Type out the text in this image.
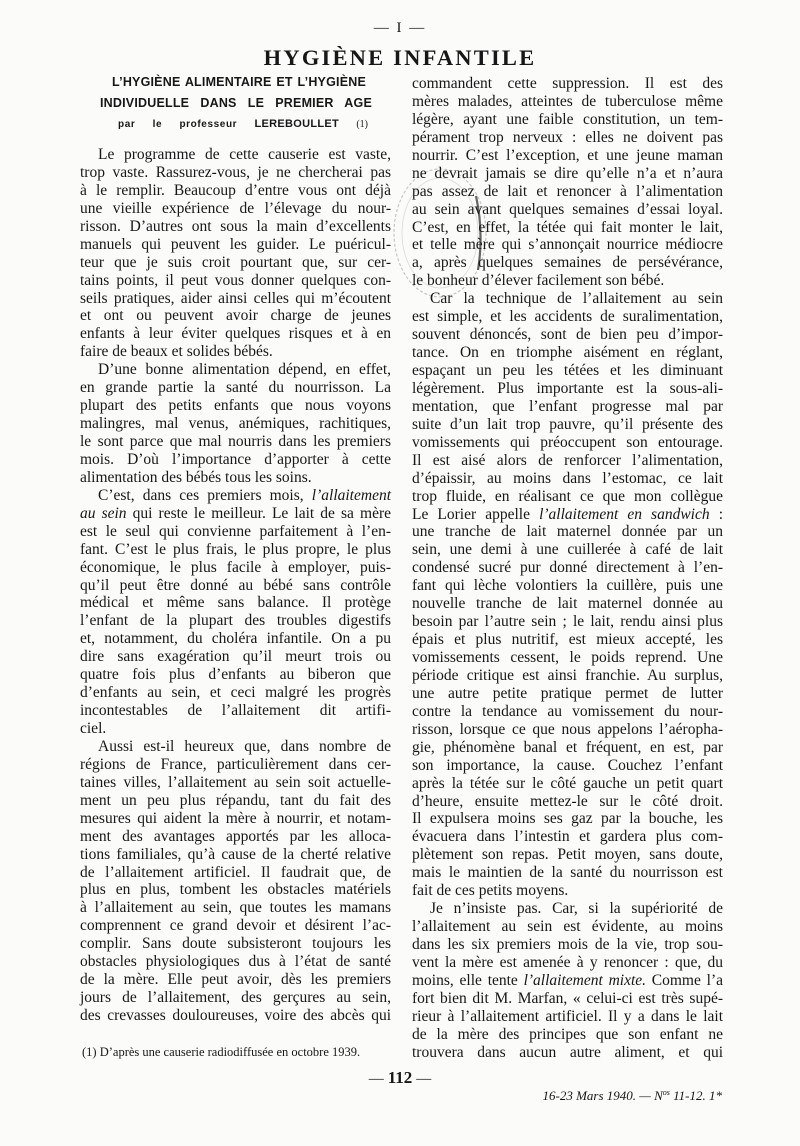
— I —
HYGIÈNE INFANTILE
L’HYGIÈNE ALIMENTAIRE ET L’HYGIÈNE
INDIVIDUELLE DANS LE PREMIER AGE
par le professeur LEREBOULLET (1)
Le programme de cette causerie est vaste,
trop vaste. Rassurez-vous, je ne chercherai pas
à le remplir. Beaucoup d’entre vous ont déjà
une vieille expérience de l’élevage du nour-
risson. D’autres ont sous la main d’excellents
manuels qui peuvent les guider. Le puéricul-
teur que je suis croit pourtant que, sur cer-
tains points, il peut vous donner quelques con-
seils pratiques, aider ainsi celles qui m’écoutent
et ont ou peuvent avoir charge de jeunes
enfants à leur éviter quelques risques et à en
faire de beaux et solides bébés.
D’une bonne alimentation dépend, en effet,
en grande partie la santé du nourrisson. La
plupart des petits enfants que nous voyons
malingres, mal venus, anémiques, rachitiques,
le sont parce que mal nourris dans les premiers
mois. D’où l’importance d’apporter à cette
alimentation des bébés tous les soins.
C’est, dans ces premiers mois, l’allaitement
au sein qui reste le meilleur. Le lait de sa mère
est le seul qui convienne parfaitement à l’en-
fant. C’est le plus frais, le plus propre, le plus
économique, le plus facile à employer, puis-
qu’il peut être donné au bébé sans contrôle
médical et même sans balance. Il protège
l’enfant de la plupart des troubles digestifs
et, notamment, du choléra infantile. On a pu
dire sans exagération qu’il meurt trois ou
quatre fois plus d’enfants au biberon que
d’enfants au sein, et ceci malgré les progrès
incontestables de l’allaitement dit artifi-
ciel.
Aussi est-il heureux que, dans nombre de
régions de France, particulièrement dans cer-
taines villes, l’allaitement au sein soit actuelle-
ment un peu plus répandu, tant du fait des
mesures qui aident la mère à nourrir, et notam-
ment des avantages apportés par les alloca-
tions familiales, qu’à cause de la cherté relative
de l’allaitement artificiel. Il faudrait que, de
plus en plus, tombent les obstacles matériels
à l’allaitement au sein, que toutes les mamans
comprennent ce grand devoir et désirent l’ac-
complir. Sans doute subsisteront toujours les
obstacles physiologiques dus à l’état de santé
de la mère. Elle peut avoir, dès les premiers
jours de l’allaitement, des gerçures au sein,
des crevasses douloureuses, voire des abcès qui
commandent cette suppression. Il est des
mères malades, atteintes de tuberculose même
légère, ayant une faible constitution, un tem-
pérament trop nerveux : elles ne doivent pas
nourrir. C’est l’exception, et une jeune maman
ne devrait jamais se dire qu’elle n’a et n’aura
pas assez de lait et renoncer à l’alimentation
au sein avant quelques semaines d’essai loyal.
C’est, en effet, la tétée qui fait monter le lait,
et telle mère qui s’annonçait nourrice médiocre
a, après quelques semaines de persévérance,
le bonheur d’élever facilement son bébé.
Car la technique de l’allaitement au sein
est simple, et les accidents de suralimentation,
souvent dénoncés, sont de bien peu d’impor-
tance. On en triomphe aisément en réglant,
espaçant un peu les tétées et les diminuant
légèrement. Plus importante est la sous-ali-
mentation, que l’enfant progresse mal par
suite d’un lait trop pauvre, qu’il présente des
vomissements qui préoccupent son entourage.
Il est aisé alors de renforcer l’alimentation,
d’épaissir, au moins dans l’estomac, ce lait
trop fluide, en réalisant ce que mon collègue
Le Lorier appelle l’allaitement en sandwich :
une tranche de lait maternel donnée par un
sein, une demi à une cuillerée à café de lait
condensé sucré pur donné directement à l’en-
fant qui lèche volontiers la cuillère, puis une
nouvelle tranche de lait maternel donnée au
besoin par l’autre sein ; le lait, rendu ainsi plus
épais et plus nutritif, est mieux accepté, les
vomissements cessent, le poids reprend. Une
période critique est ainsi franchie. Au surplus,
une autre petite pratique permet de lutter
contre la tendance au vomissement du nour-
risson, lorsque ce que nous appelons l’aéropha-
gie, phénomène banal et fréquent, en est, par
son importance, la cause. Couchez l’enfant
après la tétée sur le côté gauche un petit quart
d’heure, ensuite mettez-le sur le côté droit.
Il expulsera moins ses gaz par la bouche, les
évacuera dans l’intestin et gardera plus com-
plètement son repas. Petit moyen, sans doute,
mais le maintien de la santé du nourrisson est
fait de ces petits moyens.
Je n’insiste pas. Car, si la supériorité de
l’allaitement au sein est évidente, au moins
dans les six premiers mois de la vie, trop sou-
vent la mère est amenée à y renoncer : que, du
moins, elle tente l’allaitement mixte. Comme l’a
fort bien dit M. Marfan, « celui-ci est très supé-
rieur à l’allaitement artificiel. Il y a dans le lait
de la mère des principes que son enfant ne
trouvera dans aucun autre aliment, et qui
(1) D’après une causerie radiodiffusée en octobre 1939.
— 112 —
16-23 Mars 1940. — $N^{os}$ 11-12. 1*
